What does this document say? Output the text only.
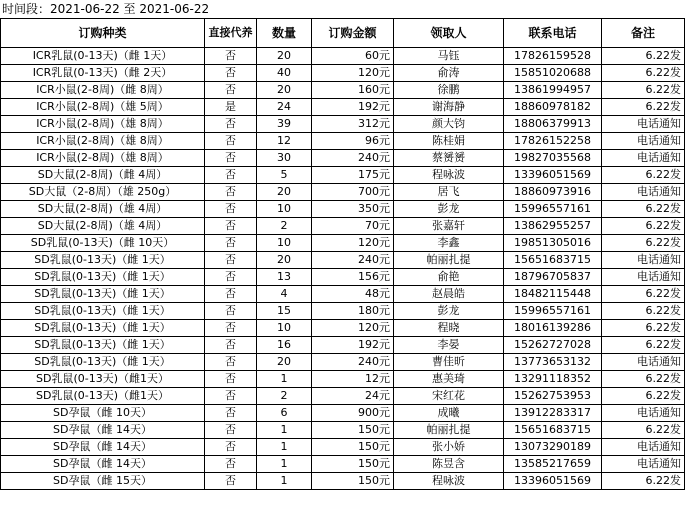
时间段：2021-06-22 至 2021-06-22
订购种类	直接代养	数量	订购金额	领取人	联系电话	备注
ICR乳鼠(0-13天)（雌 1天）	否	20	60元	马钰	17826159528	6.22发
ICR乳鼠(0-13天)（雌 2天）	否	40	120元	俞涛	15851020688	6.22发
ICR小鼠(2-8周)（雌 8周）	否	20	160元	徐鹏	13861994957	6.22发
ICR小鼠(2-8周)（雄 5周）	是	24	192元	谢海静	18860978182	6.22发
ICR小鼠(2-8周)（雄 8周）	否	39	312元	颜大钧	18806379913	电话通知
ICR小鼠(2-8周)（雄 8周）	否	12	96元	陈桂娟	17826152258	电话通知
ICR小鼠(2-8周)（雄 8周）	否	30	240元	蔡赟赟	19827035568	电话通知
SD大鼠(2-8周)（雌 4周）	否	5	175元	程咏波	13396051569	6.22发
SD大鼠（2-8周）（雄 250g）	否	20	700元	居飞	18860973916	电话通知
SD大鼠(2-8周)（雄 4周）	否	10	350元	彭龙	15996557161	6.22发
SD大鼠(2-8周)（雄 4周）	否	2	70元	张嘉轩	13862955257	6.22发
SD乳鼠(0-13天)（雌 10天）	否	10	120元	李鑫	19851305016	6.22发
SD乳鼠(0-13天)（雌 1天）	否	20	240元	帕丽扎提	15651683715	电话通知
SD乳鼠(0-13天)（雌 1天）	否	13	156元	俞艳	18796705837	电话通知
SD乳鼠(0-13天)（雌 1天）	否	4	48元	赵晨皓	18482115448	6.22发
SD乳鼠(0-13天)（雌 1天）	否	15	180元	彭龙	15996557161	6.22发
SD乳鼠(0-13天)（雌 1天）	否	10	120元	程晓	18016139286	6.22发
SD乳鼠(0-13天)（雌 1天）	否	16	192元	李晏	15262727028	6.22发
SD乳鼠(0-13天)（雌 1天）	否	20	240元	曹佳昕	13773653132	电话通知
SD乳鼠(0-13天)（雌1天）	否	1	12元	惠美琦	13291118352	6.22发
SD乳鼠(0-13天)（雌1天）	否	2	24元	宋红花	15262753953	6.22发
SD孕鼠（雌 10天）	否	6	900元	成曦	13912283317	电话通知
SD孕鼠（雌 14天）	否	1	150元	帕丽扎提	15651683715	6.22发
SD孕鼠（雌 14天）	否	1	150元	张小娇	13073290189	电话通知
SD孕鼠（雌 14天）	否	1	150元	陈昱含	13585217659	电话通知
SD孕鼠（雌 15天）	否	1	150元	程咏波	13396051569	6.22发
